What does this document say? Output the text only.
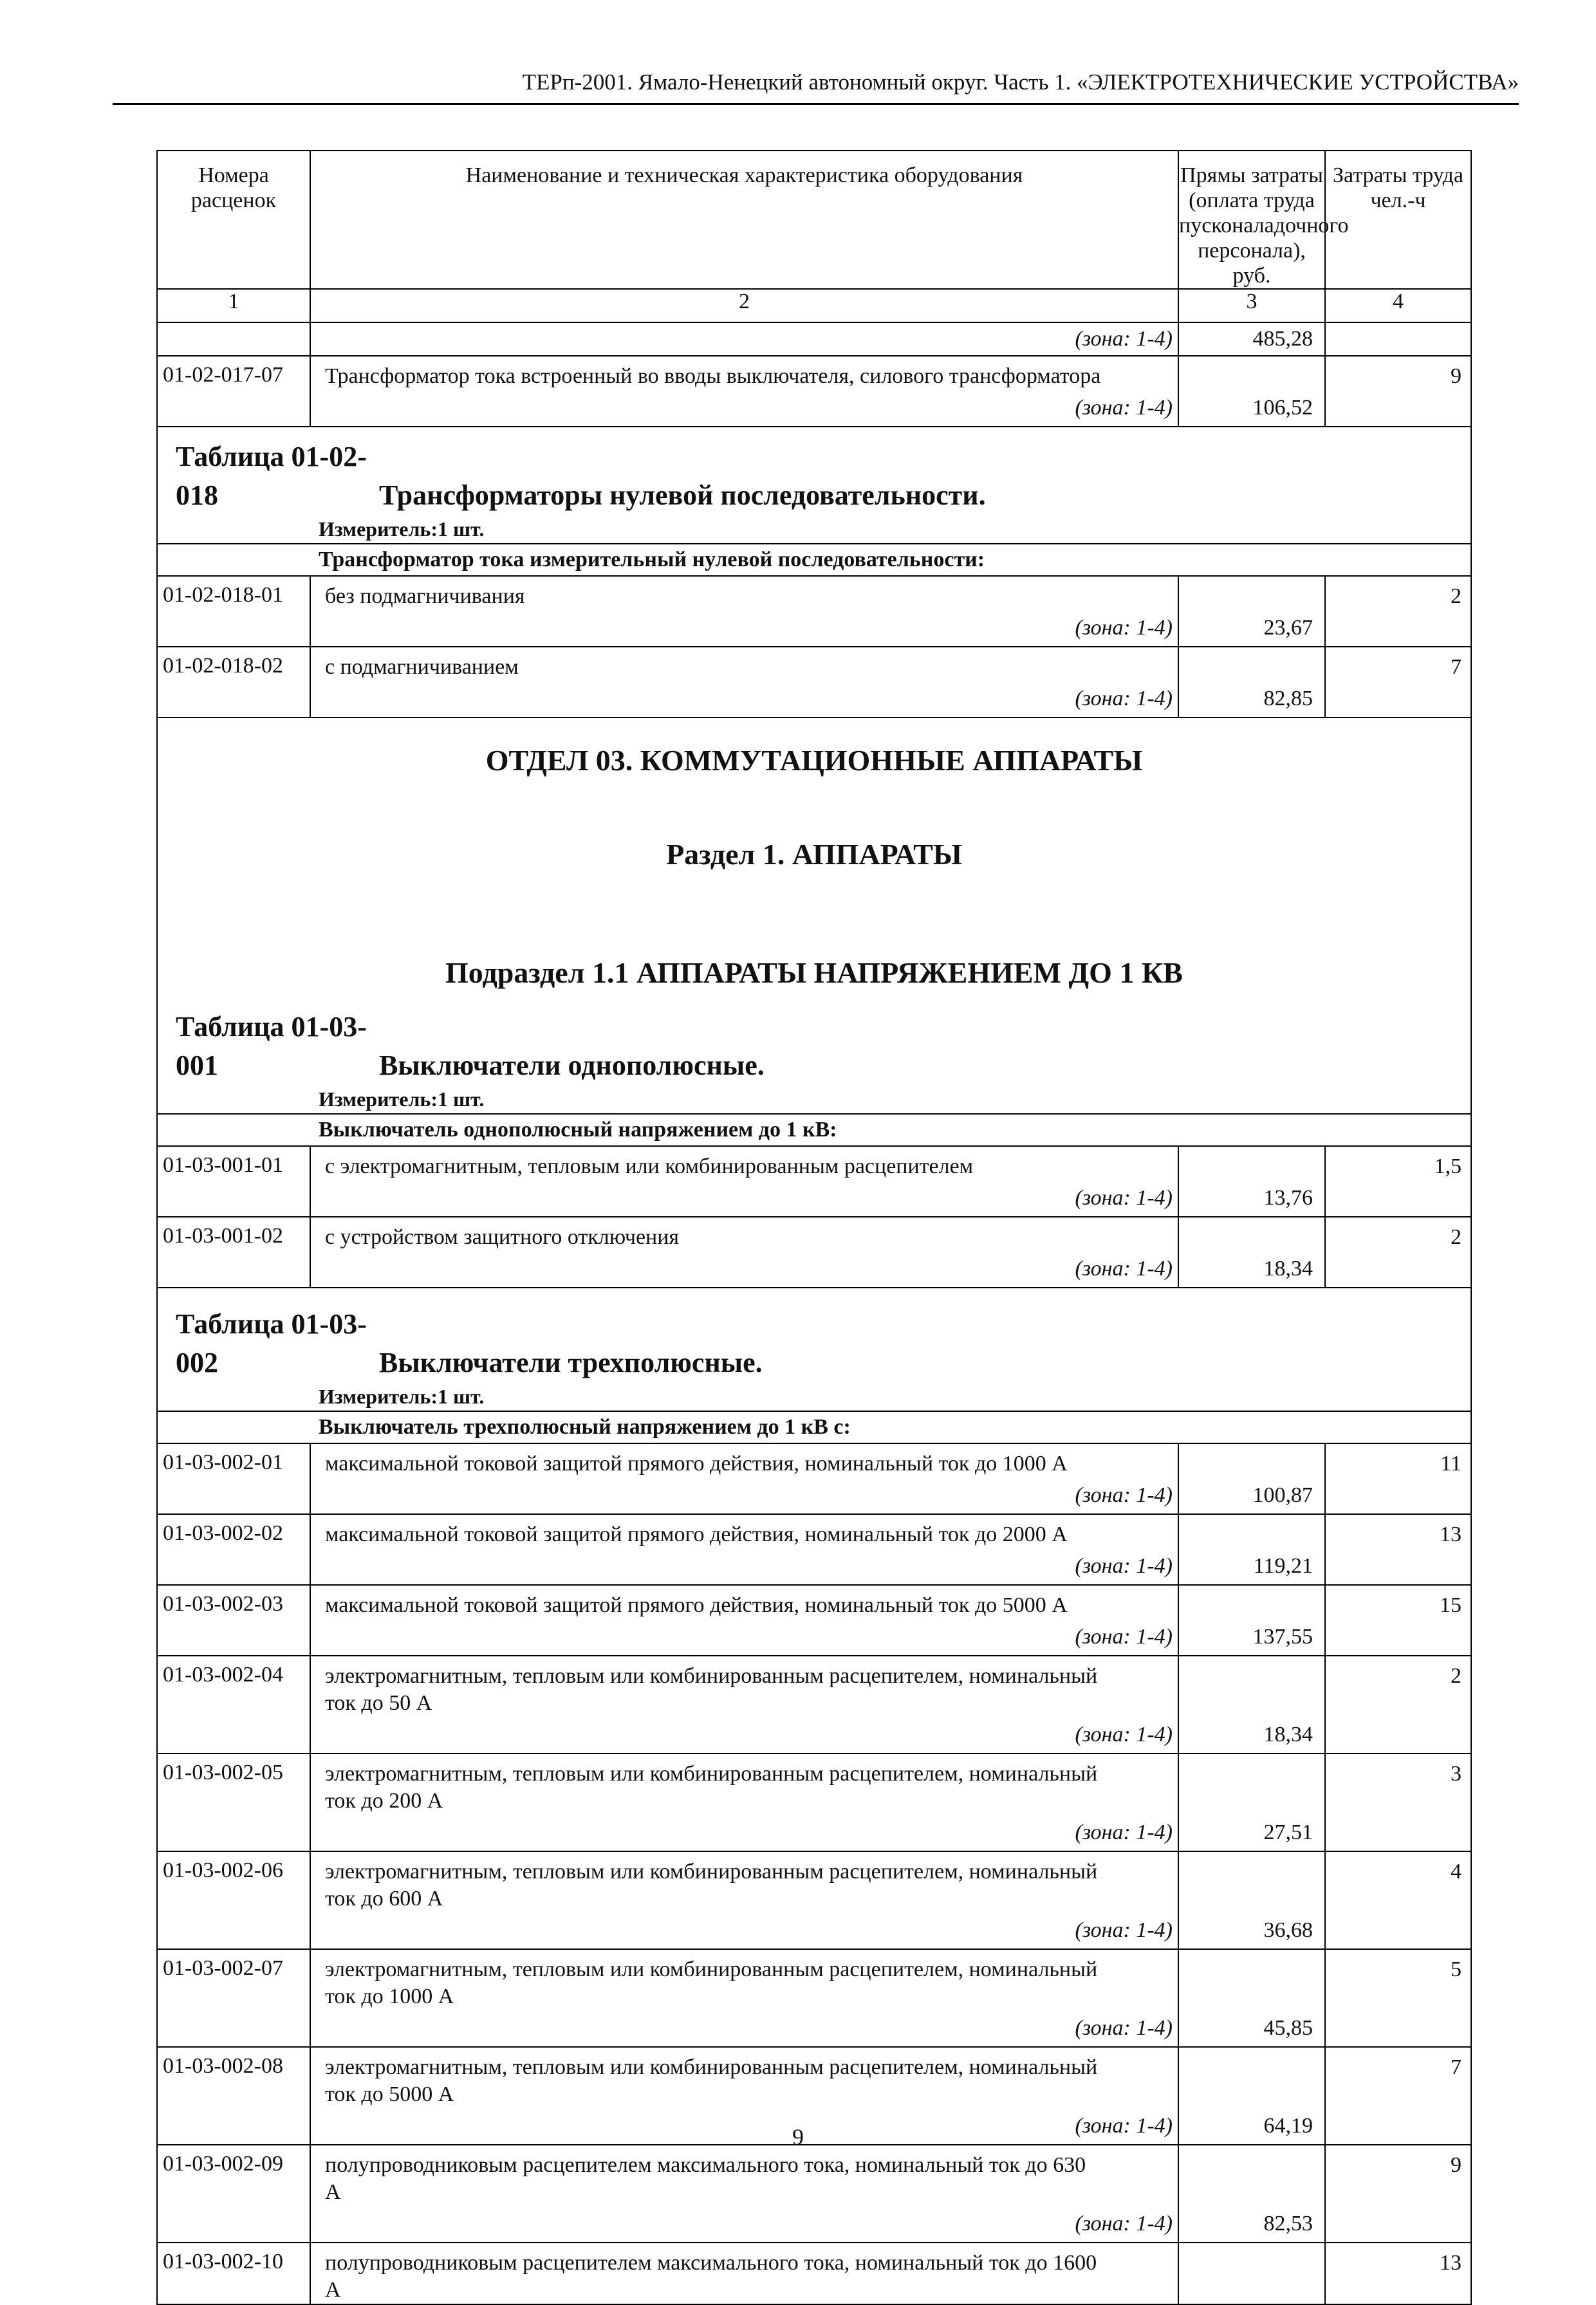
ТЕРп-2001. Ямало-Ненецкий автономный округ. Часть 1. «ЭЛЕКТРОТЕХНИЧЕСКИЕ УСТРОЙСТВА»
Номера расценок	Наименование и техническая характеристика оборудования	Прямы затраты (оплата труда пусконаладочного персонала), руб.	Затраты труда чел.-ч
1	2	3	4

	(зона: 1-4)	485,28	
01-02-017-07	Трансформатор тока встроенный во вводы выключателя, силового трансформатора
(зона: 1-4)	106,52	9

Таблица 01-02-018 Трансформаторы нулевой последовательности.
Измеритель:1 шт.			

Трансформатор тока измерительный нулевой последовательности:			
01-02-018-01	без подмагничивания
(зона: 1-4)	23,67	2
01-02-018-02	с подмагничиванием
(зона: 1-4)	82,85	7

ОТДЕЛ 03. КОММУТАЦИОННЫЕ АППАРАТЫ
Раздел 1. АППАРАТЫ
Подраздел 1.1 АППАРАТЫ НАПРЯЖЕНИЕМ ДО 1 КВ
Таблица 01-03-001 Выключатели однополюсные.
Измеритель:1 шт.			

Выключатель однополюсный напряжением до 1 кВ:			
01-03-001-01	с электромагнитным, тепловым или комбинированным расцепителем
(зона: 1-4)	13,76	1,5
01-03-001-02	с устройством защитного отключения
(зона: 1-4)	18,34	2

Таблица 01-03-002 Выключатели трехполюсные.
Измеритель:1 шт.			

Выключатель трехполюсный напряжением до 1 кВ с:			
01-03-002-01	максимальной токовой защитой прямого действия, номинальный ток до 1000 А
(зона: 1-4)	100,87	11
01-03-002-02	максимальной токовой защитой прямого действия, номинальный ток до 2000 А
(зона: 1-4)	119,21	13
01-03-002-03	максимальной токовой защитой прямого действия, номинальный ток до 5000 А
(зона: 1-4)	137,55	15
01-03-002-04	электромагнитным, тепловым или комбинированным расцепителем, номинальный
ток до 50 А
(зона: 1-4)	18,34	2
01-03-002-05	электромагнитным, тепловым или комбинированным расцепителем, номинальный
ток до 200 А
(зона: 1-4)	27,51	3
01-03-002-06	электромагнитным, тепловым или комбинированным расцепителем, номинальный
ток до 600 А
(зона: 1-4)	36,68	4
01-03-002-07	электромагнитным, тепловым или комбинированным расцепителем, номинальный
ток до 1000 А
(зона: 1-4)	45,85	5
01-03-002-08	электромагнитным, тепловым или комбинированным расцепителем, номинальный
ток до 5000 А
(зона: 1-4)	64,19	7
01-03-002-09	полупроводниковым расцепителем максимального тока, номинальный ток до 630
А
(зона: 1-4)	82,53	9
01-03-002-10	полупроводниковым расцепителем максимального тока, номинальный ток до 1600
А		13
9
